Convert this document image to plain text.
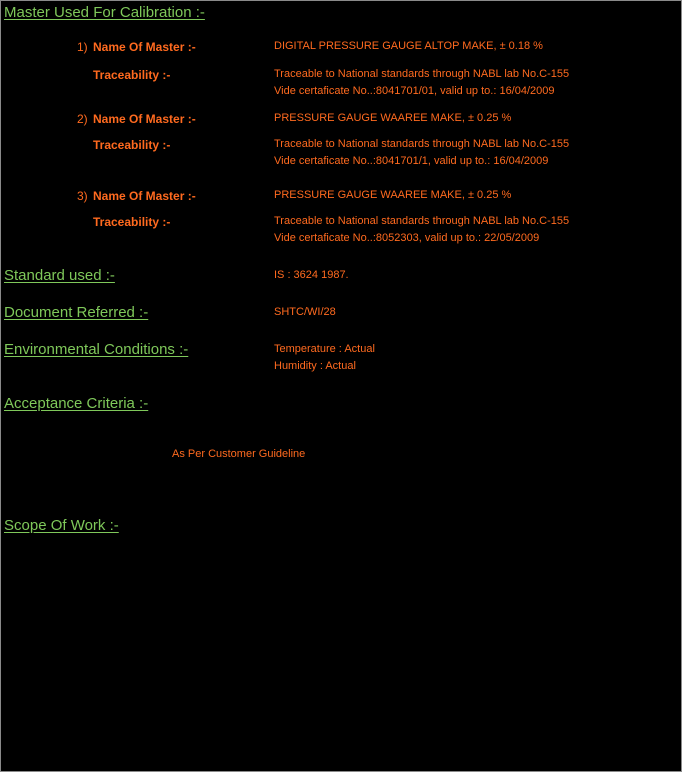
Master Used For Calibration :-
1) Name Of Master :-	DIGITAL PRESSURE GAUGE ALTOP MAKE, ± 0.18 %
Traceability :-	Traceable to National standards through NABL lab No.C-155
Vide certaficate No..:8041701/01, valid up to.: 16/04/2009
2) Name Of Master :-	PRESSURE GAUGE WAAREE MAKE, ± 0.25 %
Traceability :-	Traceable to National standards through NABL lab No.C-155
Vide certaficate No..:8041701/1, valid up to.: 16/04/2009
3) Name Of Master :-	PRESSURE GAUGE WAAREE MAKE, ± 0.25 %
Traceability :-	Traceable to National standards through NABL lab No.C-155
Vide certaficate No..:8052303, valid up to.: 22/05/2009
Standard used :-	IS : 3624 1987.
Document Referred :-	SHTC/WI/28
Environmental Conditions :-	Temperature : Actual
Humidity : Actual
Acceptance Criteria :-
As Per Customer Guideline
Scope Of Work :-
